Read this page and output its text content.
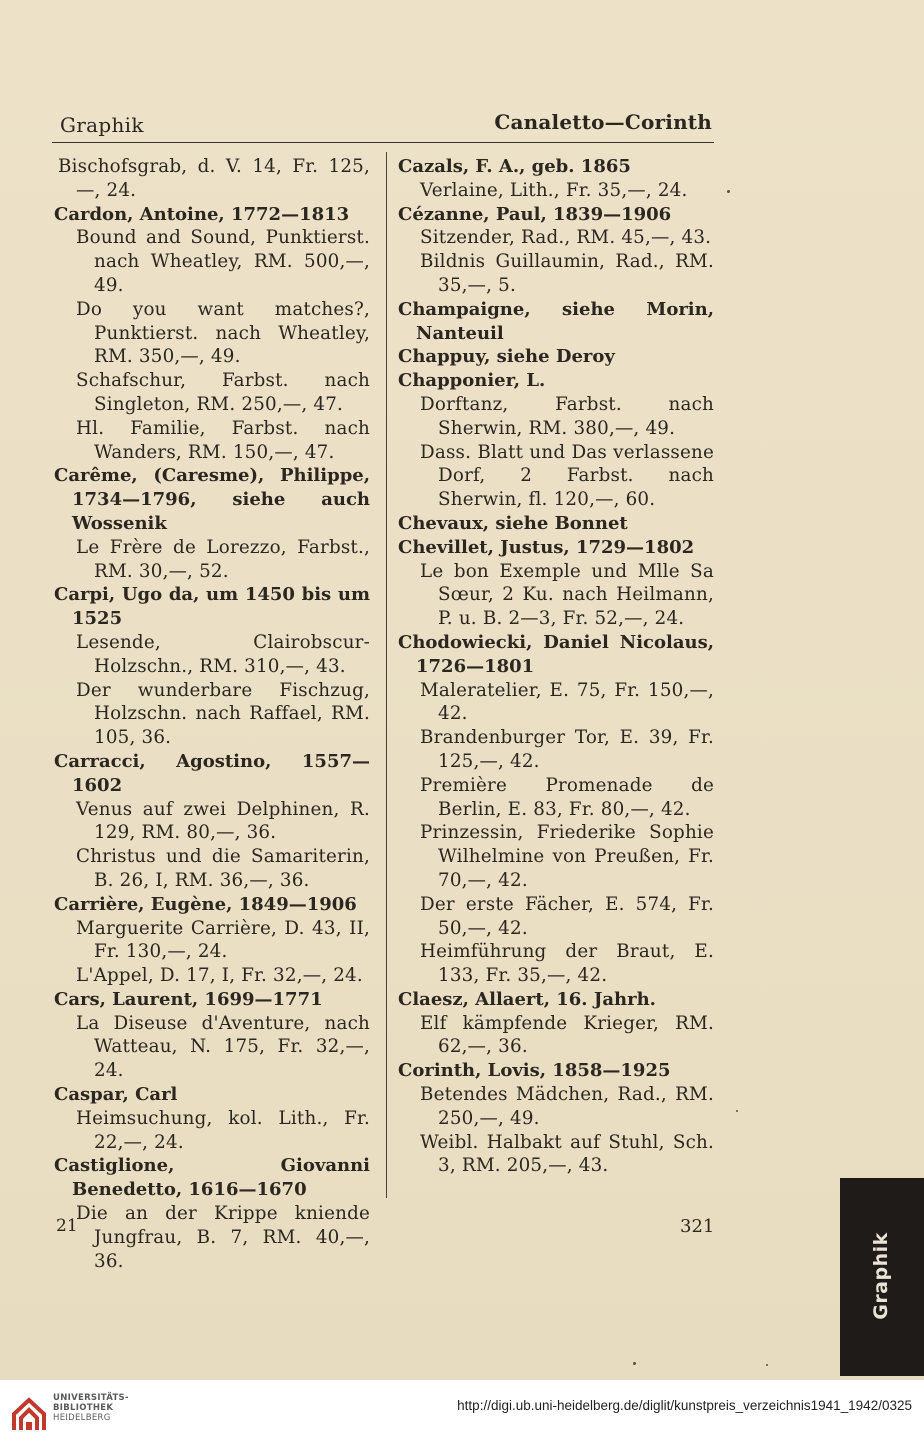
Graphik	Canaletto—Corinth
Bischofsgrab, d. V. 14, Fr. 125,—, 24.
Cardon, Antoine, 1772—1813
Bound and Sound, Punktierst. nach Wheatley, RM. 500,—, 49.
Do you want matches?, Punktierst. nach Wheatley, RM. 350,—, 49.
Schafschur, Farbst. nach Singleton, RM. 250,—, 47.
Hl. Familie, Farbst. nach Wanders, RM. 150,—, 47.
Carême, (Caresme), Philippe, 1734—1796, siehe auch Wossenik
Le Frère de Lorezzo, Farbst., RM. 30,—, 52.
Carpi, Ugo da, um 1450 bis um 1525
Lesende, Clairobscur-Holzschn., RM. 310,—, 43.
Der wunderbare Fischzug, Holzschn. nach Raffael, RM. 105, 36.
Carracci, Agostino, 1557—1602
Venus auf zwei Delphinen, R. 129, RM. 80,—, 36.
Christus und die Samariterin, B. 26, I, RM. 36,—, 36.
Carrière, Eugène, 1849—1906
Marguerite Carrière, D. 43, II, Fr. 130,—, 24.
L'Appel, D. 17, I, Fr. 32,—, 24.
Cars, Laurent, 1699—1771
La Diseuse d'Aventure, nach Watteau, N. 175, Fr. 32,—, 24.
Caspar, Carl
Heimsuchung, kol. Lith., Fr. 22,—, 24.
Castiglione, Giovanni Benedetto, 1616—1670
Die an der Krippe kniende Jungfrau, B. 7, RM. 40,—, 36.
Cazals, F. A., geb. 1865
Verlaine, Lith., Fr. 35,—, 24.
Cézanne, Paul, 1839—1906
Sitzender, Rad., RM. 45,—, 43.
Bildnis Guillaumin, Rad., RM. 35,—, 5.
Champaigne, siehe Morin, Nanteuil
Chappuy, siehe Deroy
Chapponier, L.
Dorftanz, Farbst. nach Sherwin, RM. 380,—, 49.
Dass. Blatt und Das verlassene Dorf, 2 Farbst. nach Sherwin, fl. 120,—, 60.
Chevaux, siehe Bonnet
Chevillet, Justus, 1729—1802
Le bon Exemple und Mlle Sa Sœur, 2 Ku. nach Heilmann, P. u. B. 2—3, Fr. 52,—, 24.
Chodowiecki, Daniel Nicolaus, 1726—1801
Maleratelier, E. 75, Fr. 150,—, 42.
Brandenburger Tor, E. 39, Fr. 125,—, 42.
Première Promenade de Berlin, E. 83, Fr. 80,—, 42.
Prinzessin, Friederike Sophie Wilhelmine von Preußen, Fr. 70,—, 42.
Der erste Fächer, E. 574, Fr. 50,—, 42.
Heimführung der Braut, E. 133, Fr. 35,—, 42.
Claesz, Allaert, 16. Jahrh.
Elf kämpfende Krieger, RM. 62,—, 36.
Corinth, Lovis, 1858—1925
Betendes Mädchen, Rad., RM. 250,—, 49.
Weibl. Halbakt auf Stuhl, Sch. 3, RM. 205,—, 43.
21	321
Graphik
UNIVERSITÄTS-
BIBLIOTHEK
HEIDELBERG
http://digi.ub.uni-heidelberg.de/diglit/kunstpreis_verzeichnis1941_1942/0325
